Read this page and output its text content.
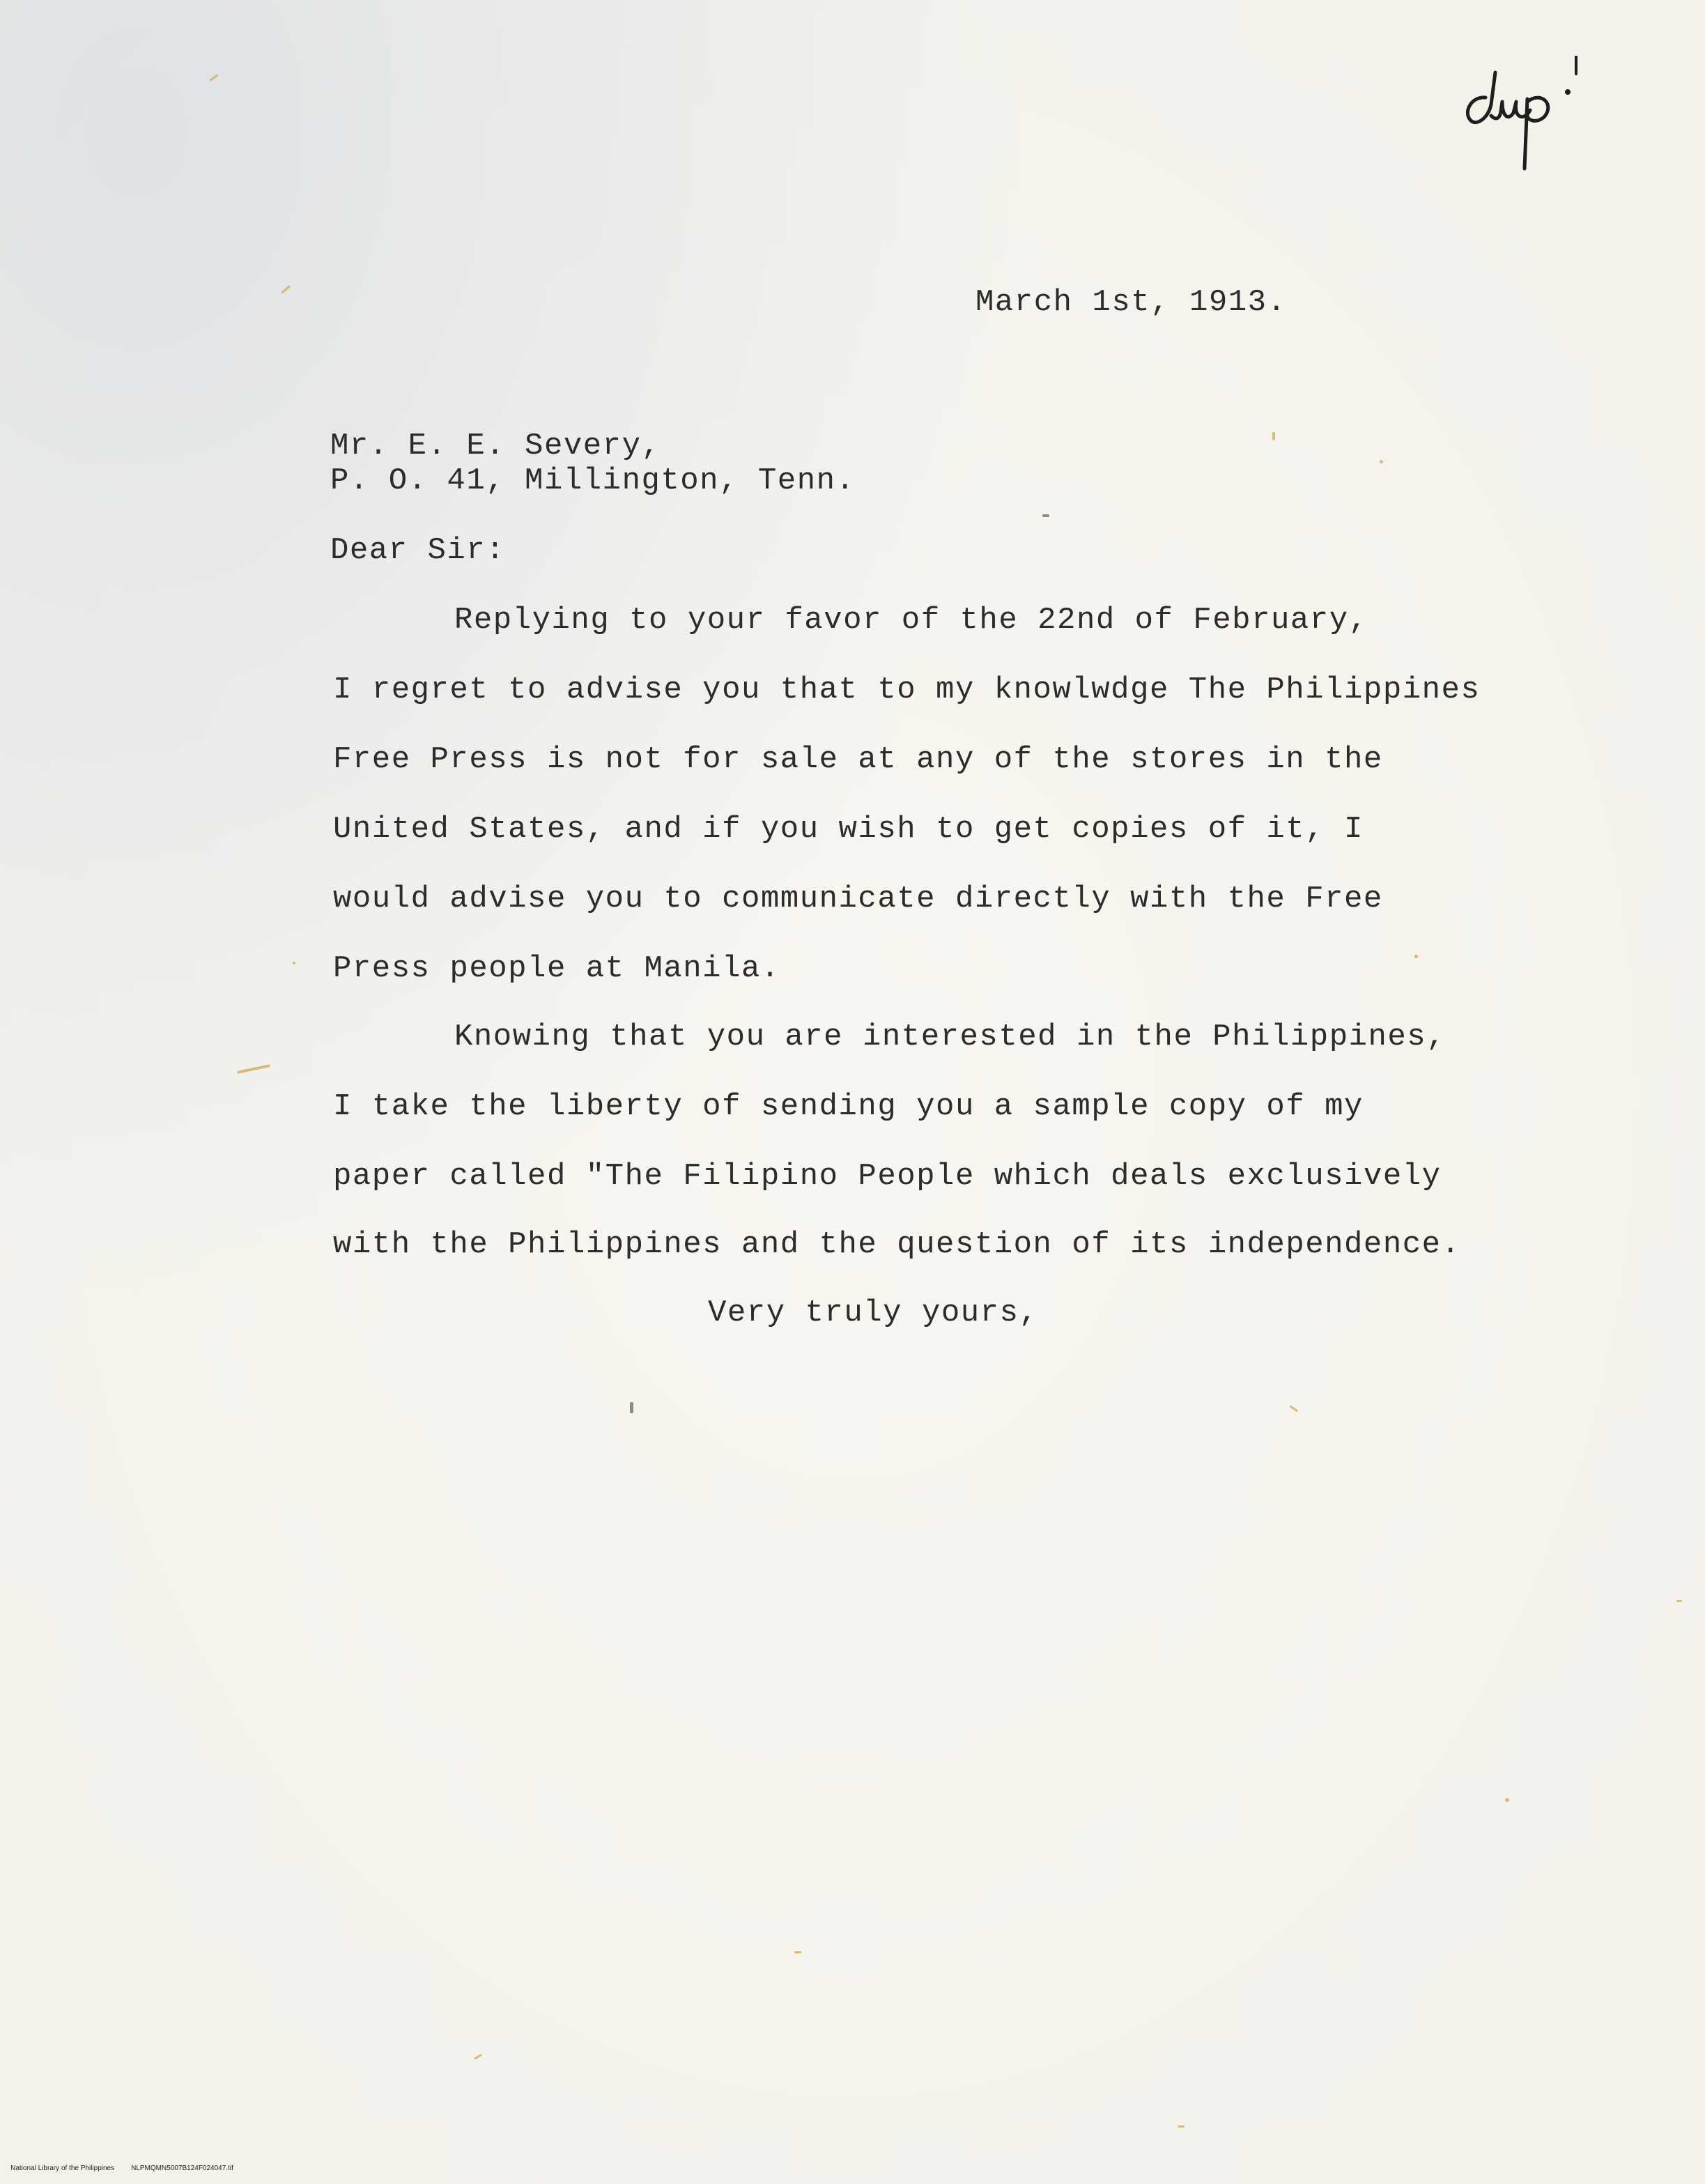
March 1st, 1913.
Mr. E. E. Severy,
P. O. 41, Millington, Tenn.
Dear Sir:
Replying to your favor of the 22nd of February,
I regret to advise you that to my knowlwdge The Philippines
Free Press is not for sale at any of the stores in the
United States, and if you wish to get copies of it, I
would advise you to communicate directly with the Free
Press people at Manila.
Knowing that you are interested in the Philippines,
I take the liberty of sending you a sample copy of my
paper called "The Filipino People which deals exclusively
with the Philippines and the question of its independence.
Very truly yours,

National Library of the Philippines NLPMQMN5007B124F024047.tif
